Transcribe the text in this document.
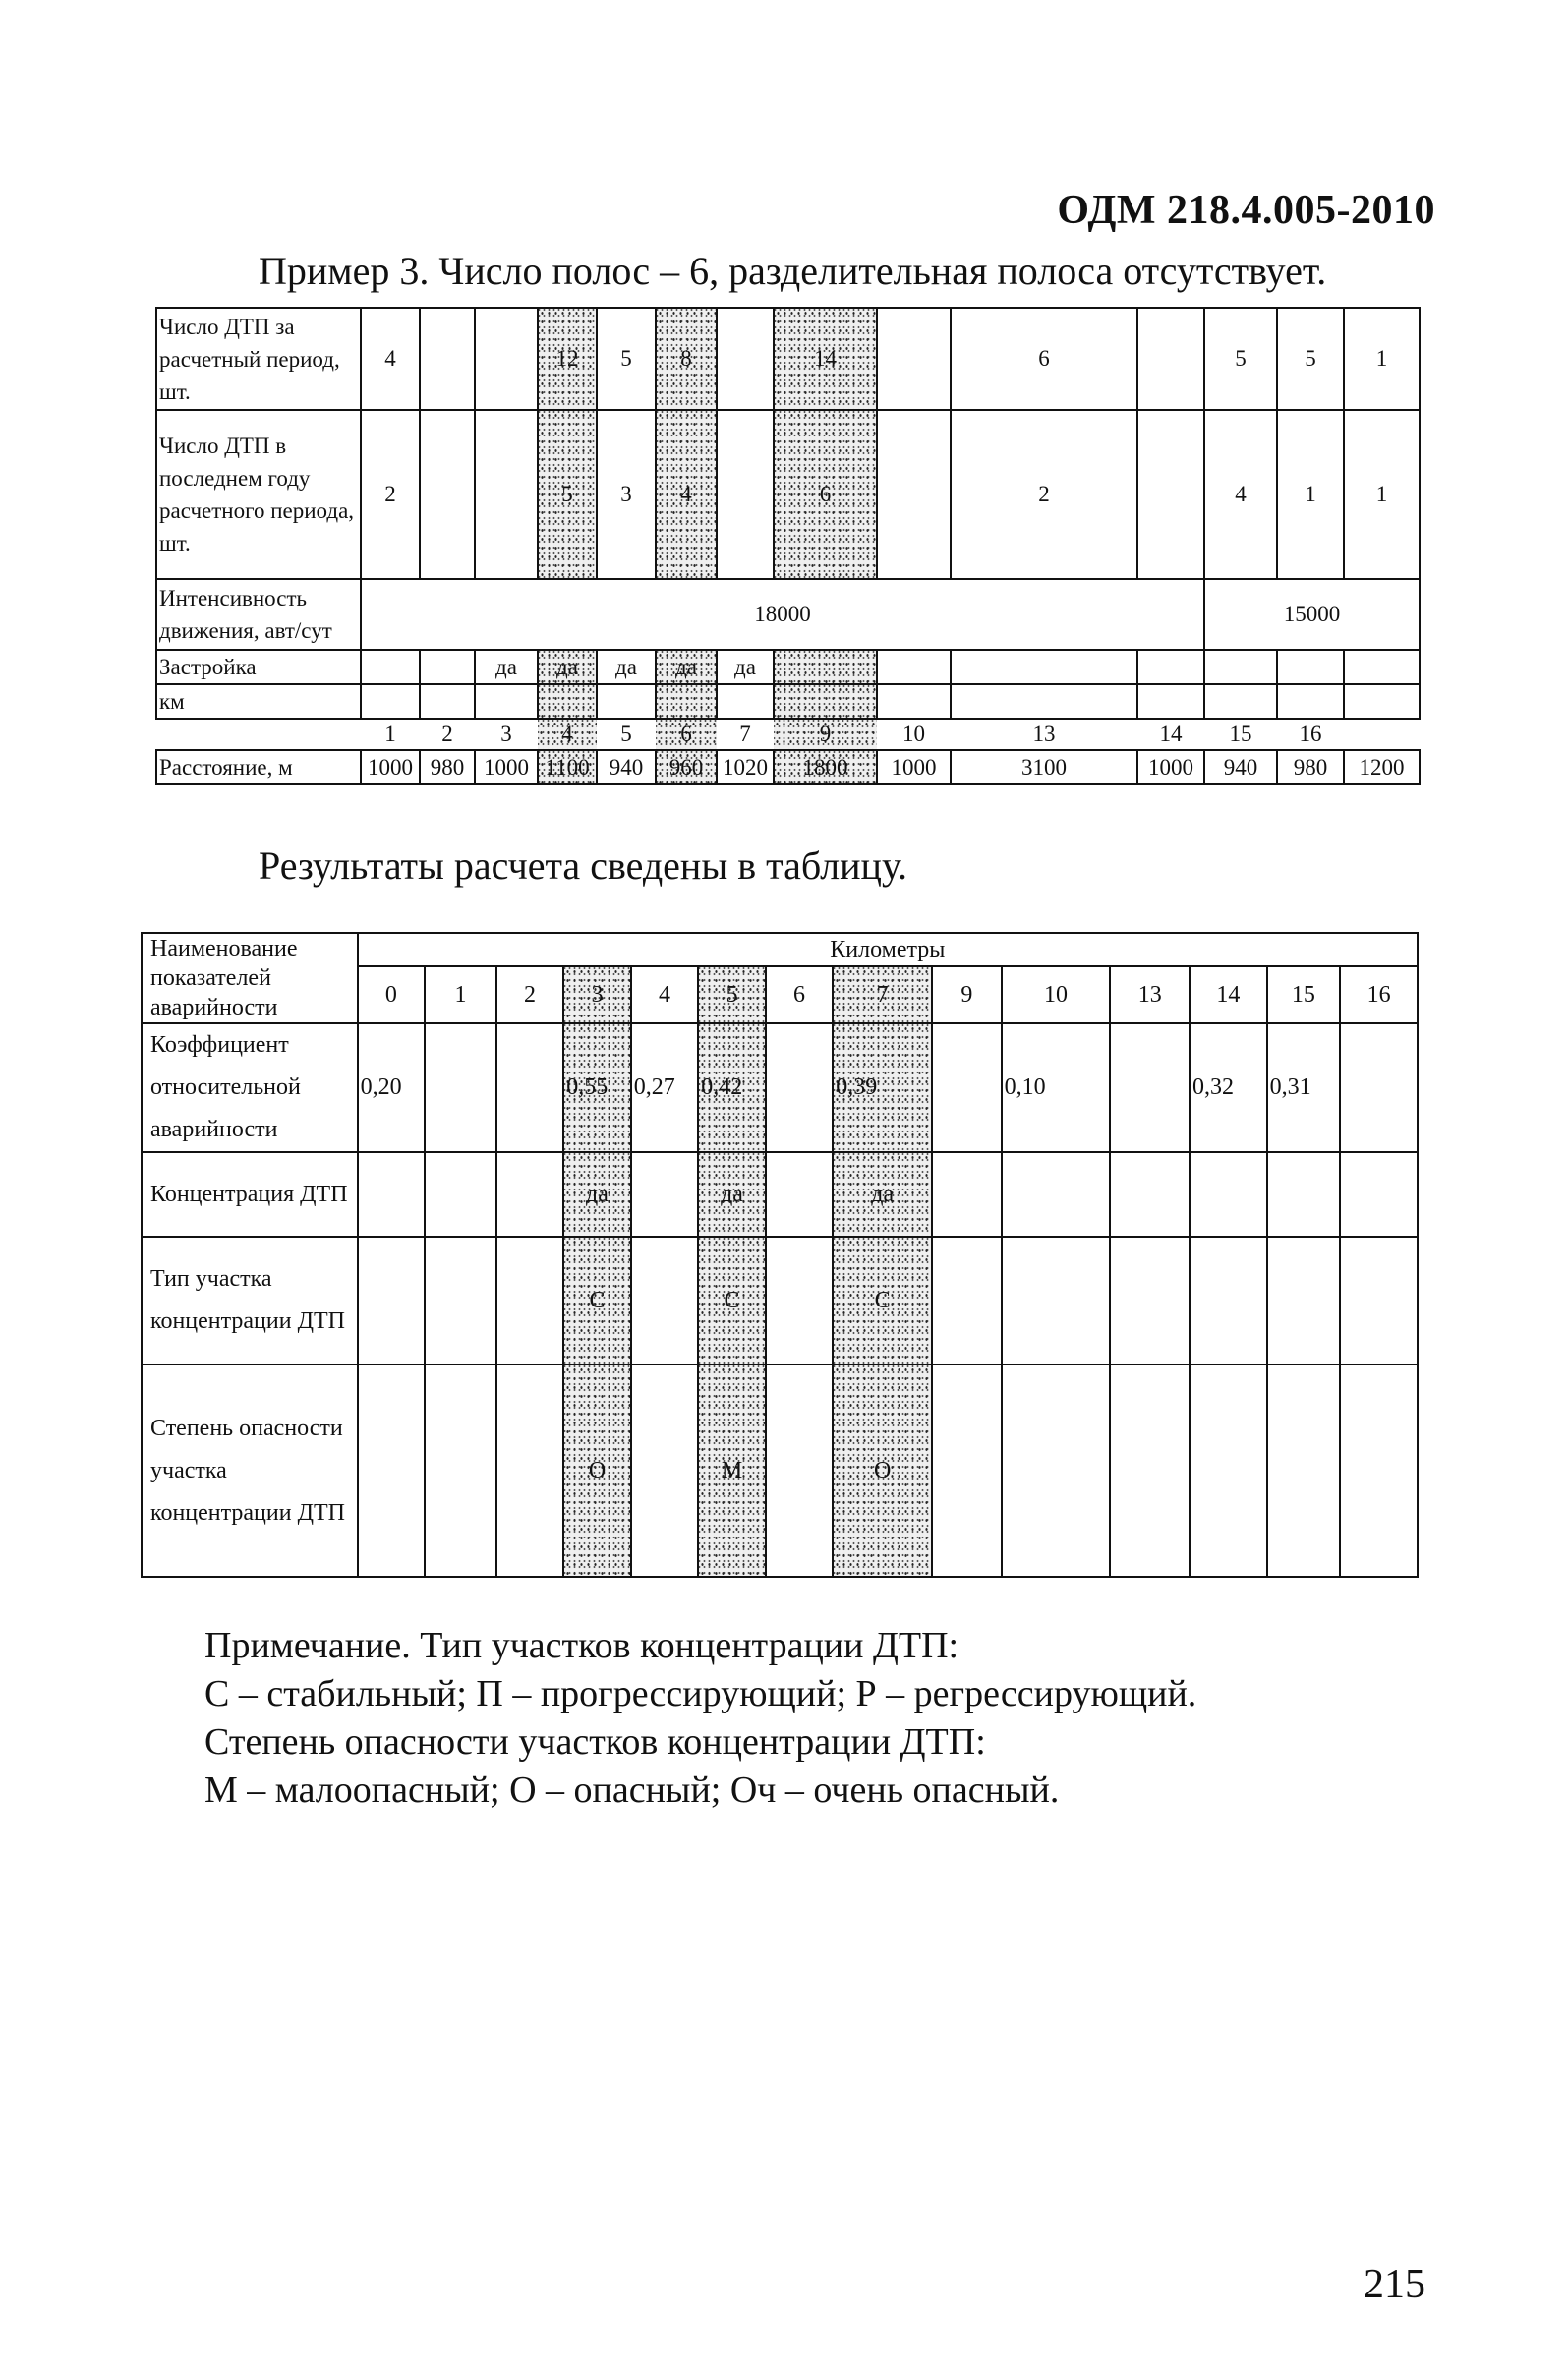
ОДМ 218.4.005-2010
Пример 3. Число полос – 6, разделительная полоса отсутствует.
Число ДТП за расчетный период, шт.	4			12	5	8		14		6		5	5	1
Число ДТП в последнем году расчетного периода, шт.	2			5	3	4		6		2		4	1	1
Интенсивность движения, авт/сут	18000											15000		
Застройка			да	да	да	да	да							
км														
	1	2	3	4	5	6	7	9	10	13	14	15	16	
Расстояние, м	1000	980	1000	1100	940	960	1020	1800	1000	3100	1000	940	980	1200
Результаты расчета сведены в таблицу.
Наименование показателей аварийности	Километры													
	0	1	2	3	4	5	6	7	9	10	13	14	15	16
Коэффициент относительной аварийности	0,20			0,55	0,27	0,42		0,39		0,10		0,32	0,31	
Концентрация ДТП				да		да		да						
Тип участка концентрации ДТП				С		С		С						
Степень опасности участка концентрации ДТП				О		М		О						
Примечание. Тип участков концентрации ДТП:
С – стабильный; П – прогрессирующий; Р – регрессирующий.
Степень опасности участков концентрации ДТП:
М – малоопасный; О – опасный; Оч – очень опасный.
215
